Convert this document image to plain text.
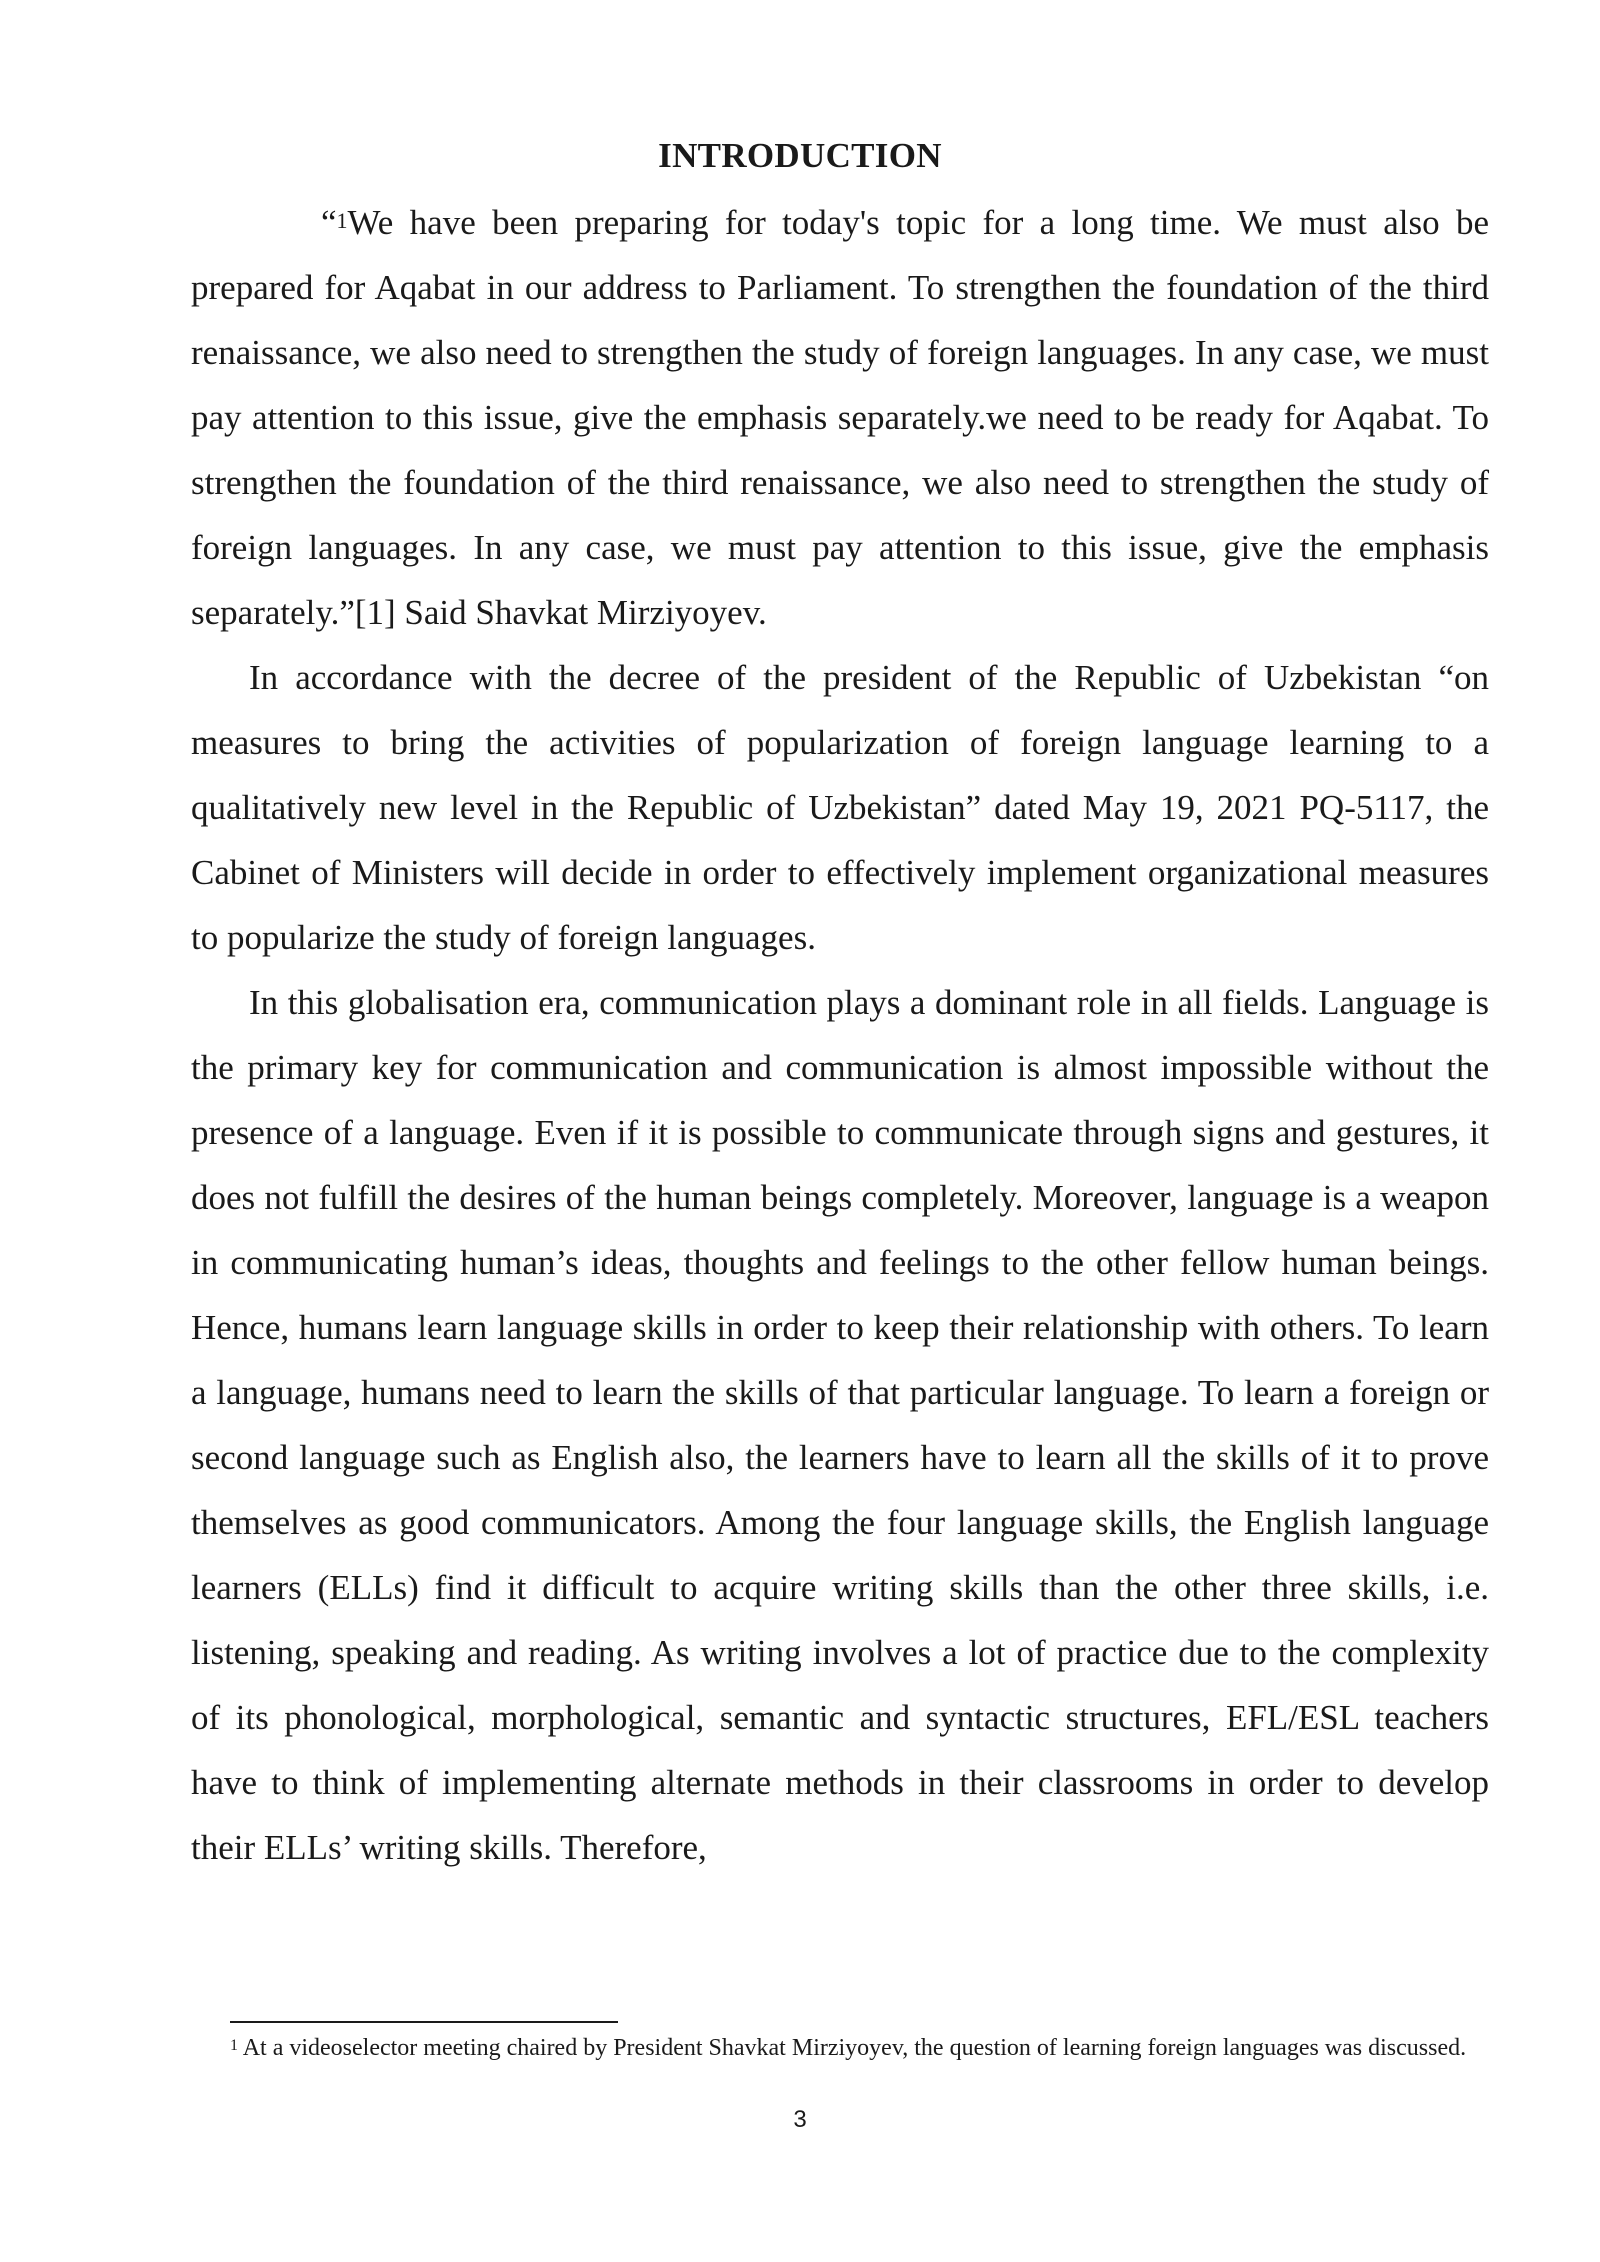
INTRODUCTION

“$^1$We have been preparing for today's topic for a long time. We must also be prepared for Aqabat in our address to Parliament. To strengthen the foundation of the third renaissance, we also need to strengthen the study of foreign languages. In any case, we must pay attention to this issue, give the emphasis separately.we need to be ready for Aqabat. To strengthen the foundation of the third renaissance, we also need to strengthen the study of foreign languages. In any case, we must pay attention to this issue, give the emphasis separately.”[1] Said Shavkat Mirziyoyev.

In accordance with the decree of the president of the Republic of Uzbekistan “on measures to bring the activities of popularization of foreign language learning to a qualitatively new level in the Republic of Uzbekistan” dated May 19, 2021 PQ-5117, the Cabinet of Ministers will decide in order to effectively implement organizational measures to popularize the study of foreign languages.

In this globalisation era, communication plays a dominant role in all fields. Language is the primary key for communication and communication is almost impossible without the presence of a language. Even if it is possible to communicate through signs and gestures, it does not fulfill the desires of the human beings completely. Moreover, language is a weapon in communicating human’s ideas, thoughts and feelings to the other fellow human beings. Hence, humans learn language skills in order to keep their relationship with others. To learn a language, humans need to learn the skills of that particular language. To learn a foreign or second language such as English also, the learners have to learn all the skills of it to prove themselves as good communicators. Among the four language skills, the English language learners (ELLs) find it difficult to acquire writing skills than the other three skills, i.e. listening, speaking and reading. As writing involves a lot of practice due to the complexity of its phonological, morphological, semantic and syntactic structures, EFL/ESL teachers have to think of implementing alternate methods in their classrooms in order to develop their ELLs’ writing skills. Therefore,

$^1$ At a videoselector meeting chaired by President Shavkat Mirziyoyev, the question of learning foreign languages was discussed.
3
